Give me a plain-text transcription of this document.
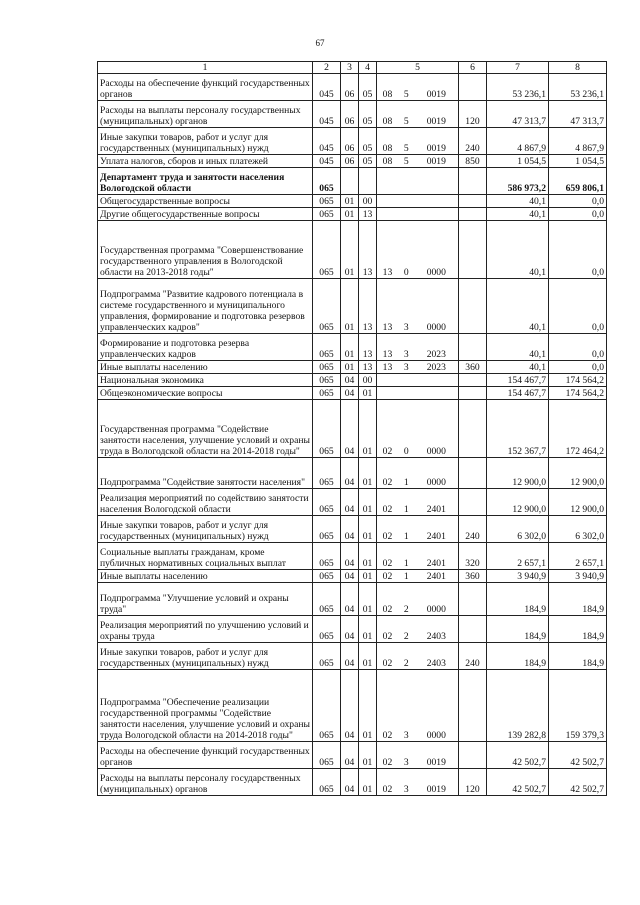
67
1	2	3	4	5	6	7	8
Расходы на обеспечение функций государственных органов	045	06	05	08 5 0019		53 236,1	53 236,1
Расходы на выплаты персоналу государственных (муниципальных) органов	045	06	05	08 5 0019	120	47 313,7	47 313,7
Иные закупки товаров, работ и услуг для государственных (муниципальных) нужд	045	06	05	08 5 0019	240	4 867,9	4 867,9
Уплата налогов, сборов и иных платежей	045	06	05	08 5 0019	850	1 054,5	1 054,5
Департамент труда и занятости населения Вологодской области	065					586 973,2	659 806,1
Общегосударственные вопросы	065	01	00			40,1	0,0
Другие общегосударственные вопросы	065	01	13			40,1	0,0
Государственная программа "Совершенствование государственного управления в Вологодской области на 2013-2018 годы"	065	01	13	13 0 0000		40,1	0,0
Подпрограмма "Развитие кадрового потенциала в системе государственного и муниципального управления, формирование и подготовка резервов управленческих кадров"	065	01	13	13 3 0000		40,1	0,0
Формирование и подготовка резерва управленческих кадров	065	01	13	13 3 2023		40,1	0,0
Иные выплаты населению	065	01	13	13 3 2023	360	40,1	0,0
Национальная экономика	065	04	00			154 467,7	174 564,2
Общеэкономические вопросы	065	04	01			154 467,7	174 564,2
Государственная программа "Содействие занятости населения, улучшение условий и охраны труда в Вологодской области на 2014-2018 годы"	065	04	01	02 0 0000		152 367,7	172 464,2
Подпрограмма "Содействие занятости населения"	065	04	01	02 1 0000		12 900,0	12 900,0
Реализация мероприятий по содействию занятости населения Вологодской области	065	04	01	02 1 2401		12 900,0	12 900,0
Иные закупки товаров, работ и услуг для государственных (муниципальных) нужд	065	04	01	02 1 2401	240	6 302,0	6 302,0
Социальные выплаты гражданам, кроме публичных нормативных социальных выплат	065	04	01	02 1 2401	320	2 657,1	2 657,1
Иные выплаты населению	065	04	01	02 1 2401	360	3 940,9	3 940,9
Подпрограмма "Улучшение условий и охраны труда"	065	04	01	02 2 0000		184,9	184,9
Реализация мероприятий по улучшению условий и охраны труда	065	04	01	02 2 2403		184,9	184,9
Иные закупки товаров, работ и услуг для государственных (муниципальных) нужд	065	04	01	02 2 2403	240	184,9	184,9
Подпрограмма "Обеспечение реализации государственной программы "Содействие занятости населения, улучшение условий и охраны труда Вологодской области на 2014-2018 годы"	065	04	01	02 3 0000		139 282,8	159 379,3
Расходы на обеспечение функций государственных органов	065	04	01	02 3 0019		42 502,7	42 502,7
Расходы на выплаты персоналу государственных (муниципальных) органов	065	04	01	02 3 0019	120	42 502,7	42 502,7
